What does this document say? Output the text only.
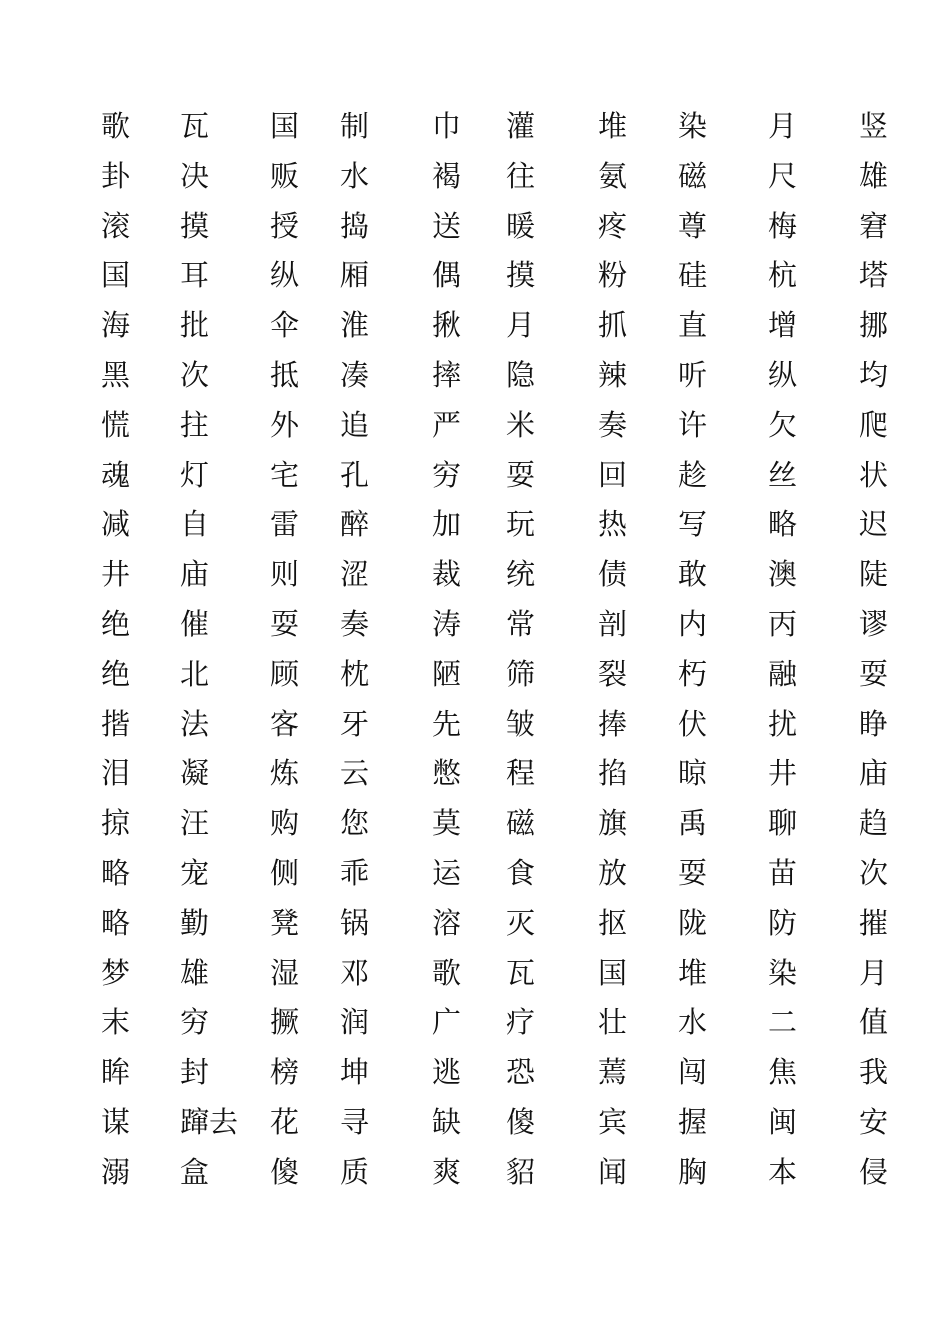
歌 瓦 国 制 巾 灌 堆 染 月 竖
卦 决 贩 水 褐 往 氨 磁 尺 雄
滚 摸 授 捣 送 暖 疼 尊 梅 窘
国 耳 纵 厢 偶 摸 粉 硅 杭 塔
海 批 伞 淮 揪 月 抓 直 增 挪
黑 次 抵 凑 摔 隐 辣 听 纵 均
慌 拄 外 追 严 米 奏 许 欠 爬
魂 灯 宅 孔 穷 耍 回 趁 丝 状
减 自 雷 醉 加 玩 热 写 略 迟
井 庙 则 涩 裁 统 债 敢 澳 陡
绝 催 耍 奏 涛 常 剖 内 丙 谬
绝 北 顾 枕 陋 筛 裂 朽 融 耍
揩 法 客 牙 先 皱 捧 伏 扰 睁
泪 凝 炼 云 憋 程 掐 晾 井 庙
掠 汪 购 您 莫 磁 旗 禹 聊 趋
略 宠 侧 乖 运 食 放 耍 苗 次
略 勤 凳 锅 溶 灭 抠 陇 防 摧
梦 雄 湿 邓 歌 瓦 国 堆 染 月
末 穷 撅 润 广 疗 壮 水 二 值
眸 封 榜 坤 逃 恐 蔫 闯 焦 我
谋 蹿去 花 寻 缺 傻 宾 握 闽 安
溺 盒 傻 质 爽 貂 闻 胸 本 侵
